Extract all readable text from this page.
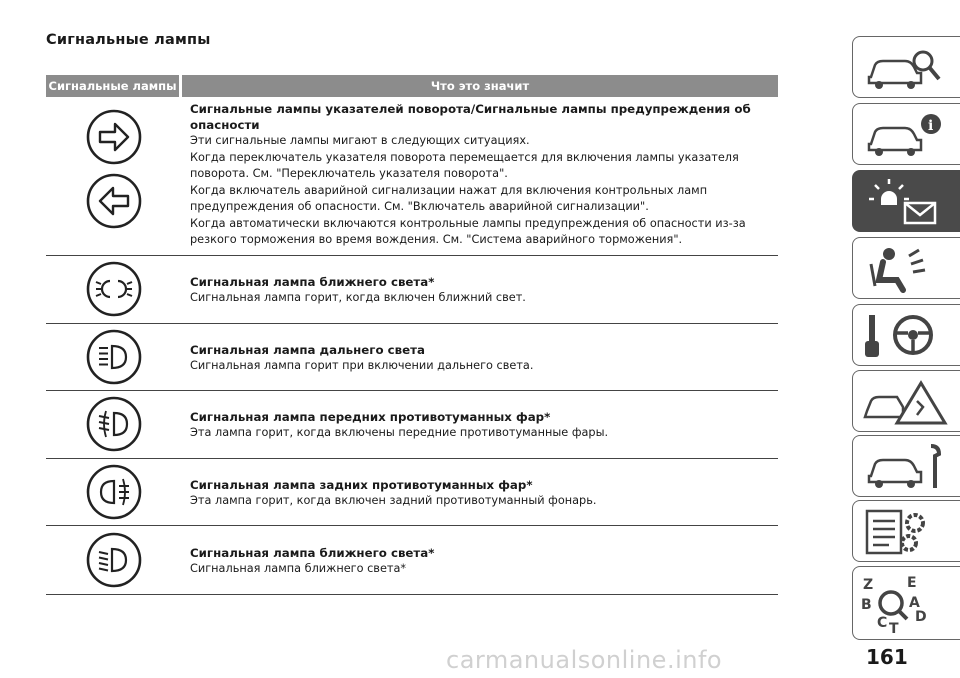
Сигнальные лампы
Сигнальные лампы	Что это значит
Сигнальные лампы указателей поворота/Сигнальные лампы предупреждения об опасности
Эти сигнальные лампы мигают в следующих ситуациях.
Когда переключатель указателя поворота перемещается для включения лампы указателя поворота. См. "Переключатель указателя поворота".
Когда включатель аварийной сигнализации нажат для включения контрольных ламп предупреждения об опасности. См. "Включатель аварийной сигнализации".
Когда автоматически включаются контрольные лампы предупреждения об опасности из-за резкого торможения во время вождения. См. "Система аварийного торможения".
Сигнальная лампа ближнего света*
Сигнальная лампа горит, когда включен ближний свет.
Сигнальная лампа дальнего света
Сигнальная лампа горит при включении дальнего света.
Сигнальная лампа передних противотуманных фар*
Эта лампа горит, когда включены передние противотуманные фары.
Сигнальная лампа задних противотуманных фар*
Эта лампа горит, когда включен задний противотуманный фонарь.
Сигнальная лампа ближнего света*
Сигнальная лампа ближнего света*
i
Z E
B	A
D
C T
161
carmanualsonline.info
